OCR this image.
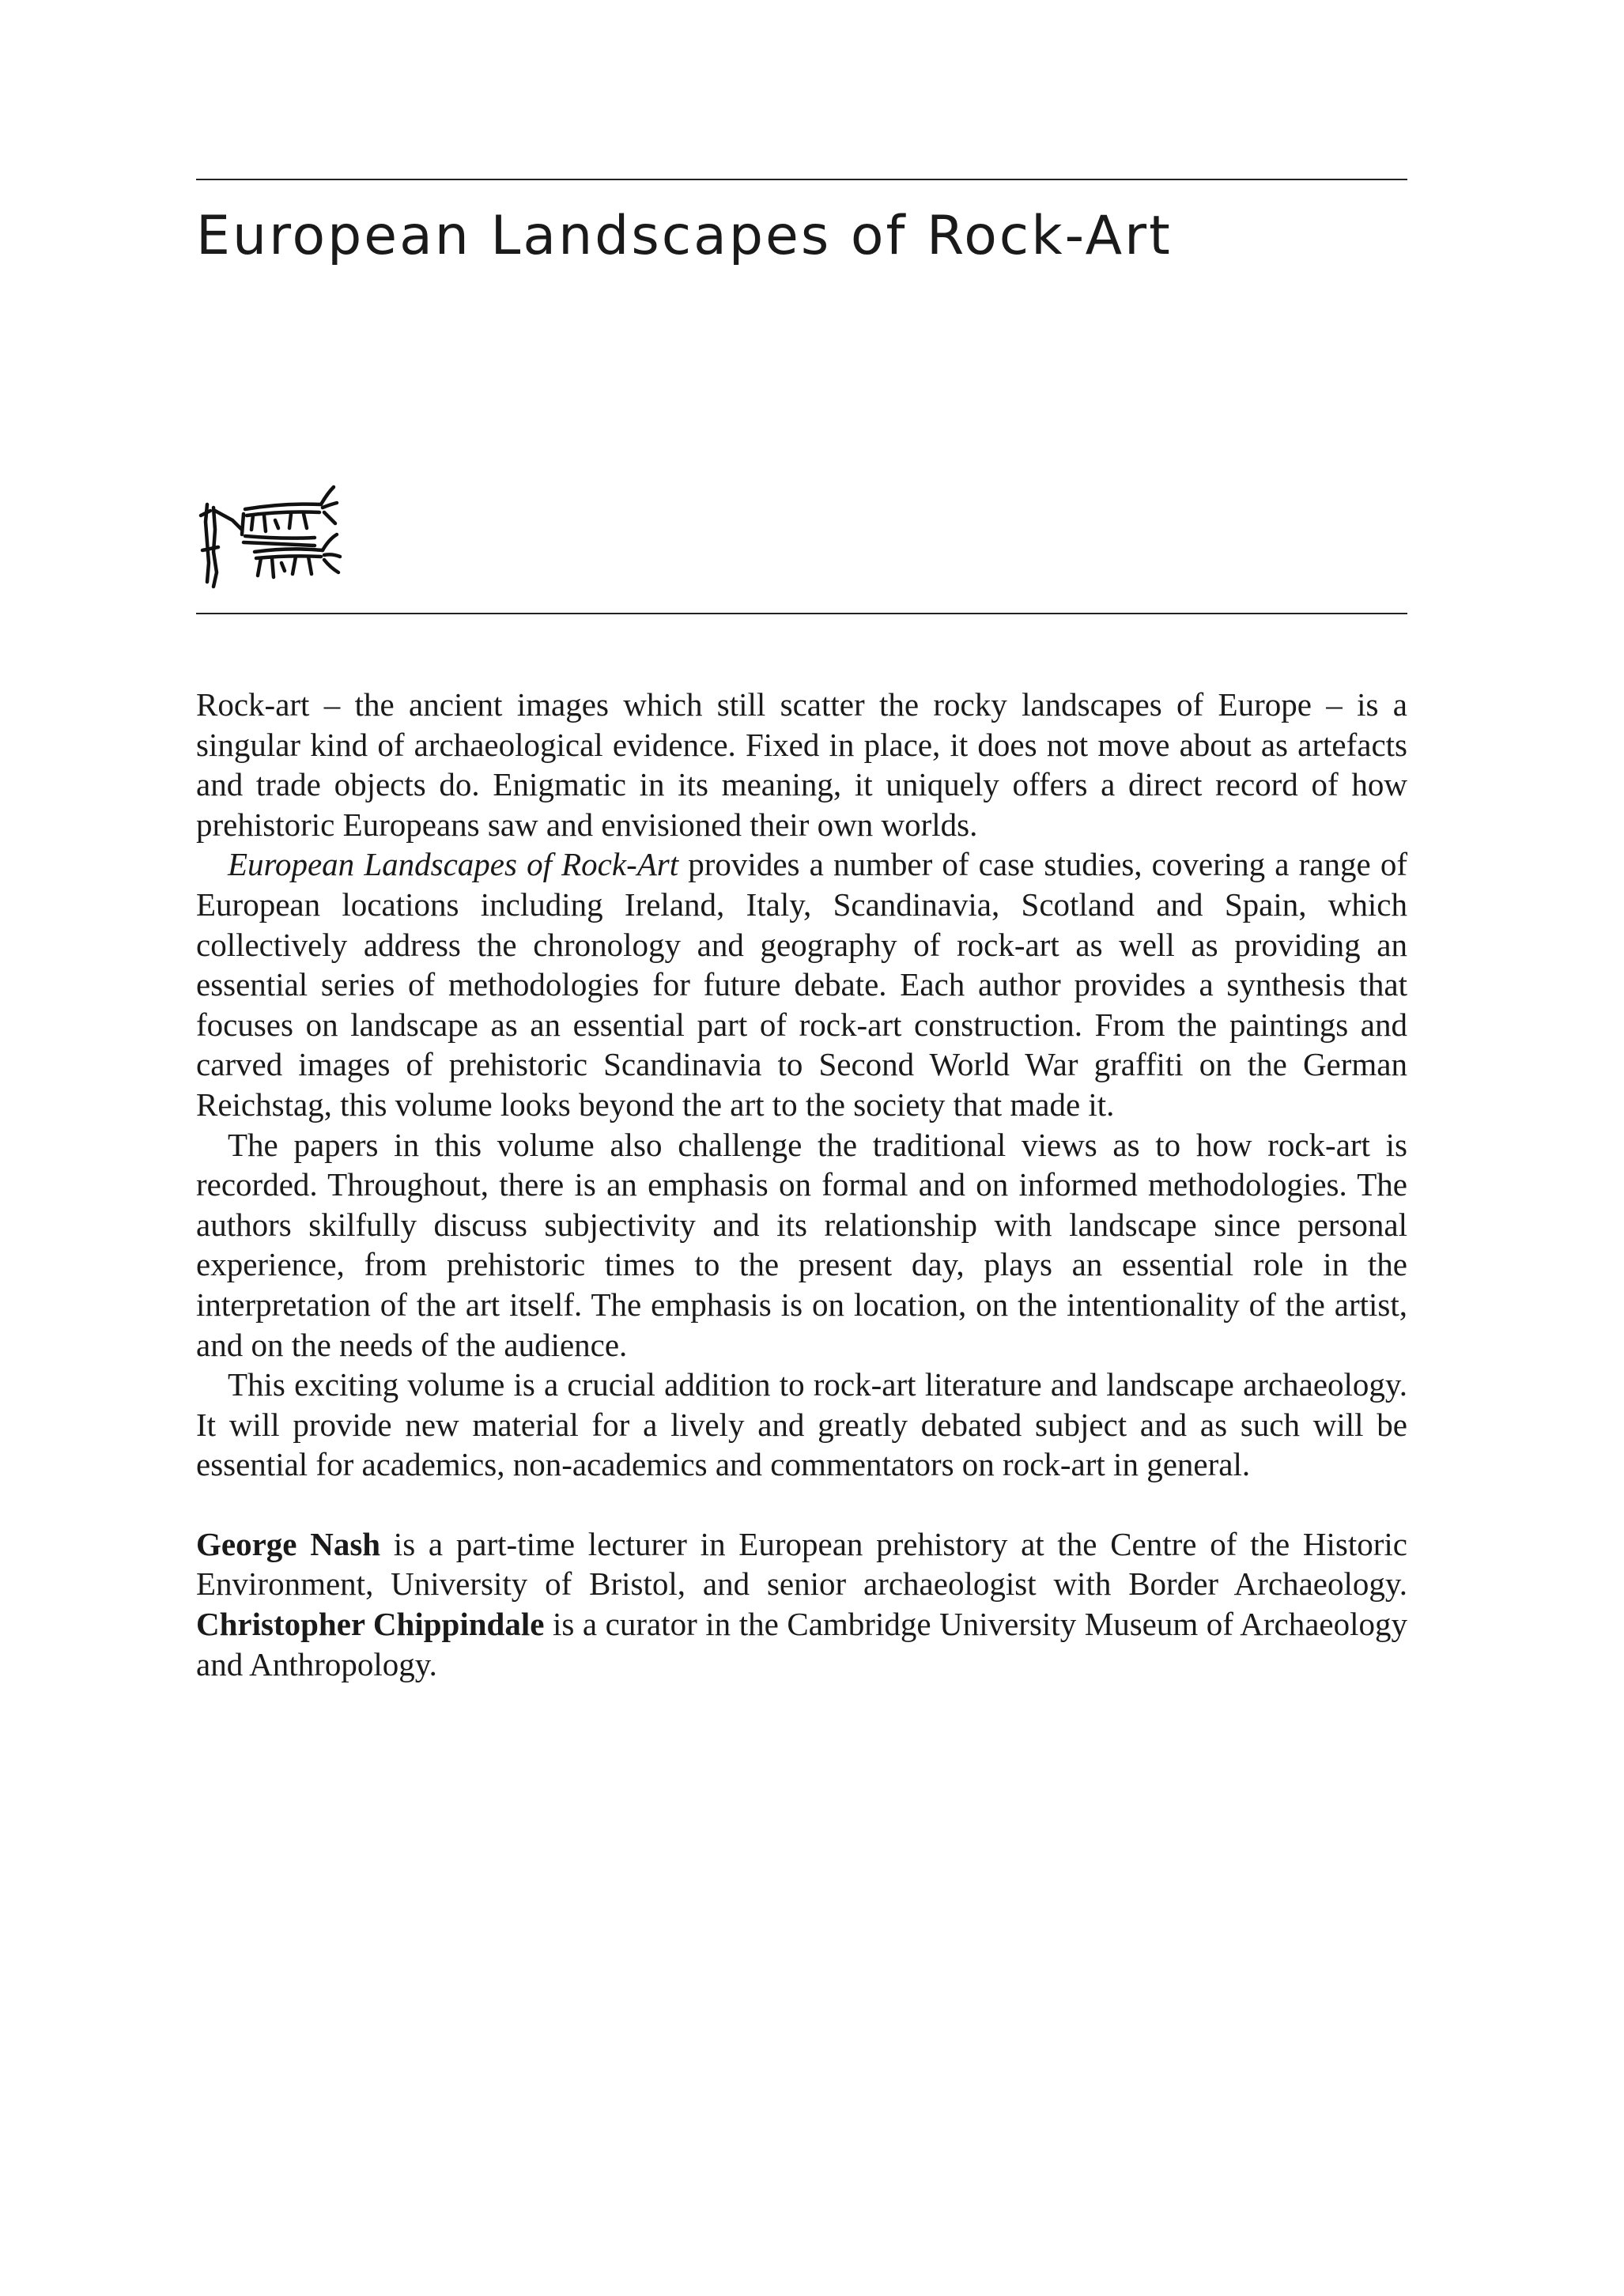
European Landscapes of Rock-Art

Rock-art – the ancient images which still scatter the rocky landscapes of Europe – is a singular kind of archaeological evidence. Fixed in place, it does not move about as artefacts and trade objects do. Enigmatic in its meaning, it uniquely offers a direct record of how prehistoric Europeans saw and envisioned their own worlds.

European Landscapes of Rock-Art provides a number of case studies, covering a range of European locations including Ireland, Italy, Scandinavia, Scotland and Spain, which collectively address the chronology and geography of rock-art as well as providing an essential series of methodologies for future debate. Each author provides a synthesis that focuses on landscape as an essential part of rock-art construction. From the paintings and carved images of prehistoric Scandinavia to Second World War graffiti on the German Reichstag, this volume looks beyond the art to the society that made it.

The papers in this volume also challenge the traditional views as to how rock-art is recorded. Throughout, there is an emphasis on formal and on informed methodologies. The authors skilfully discuss subjectivity and its relationship with landscape since personal experience, from prehistoric times to the present day, plays an essential role in the interpretation of the art itself. The emphasis is on location, on the intentionality of the artist, and on the needs of the audience.

This exciting volume is a crucial addition to rock-art literature and landscape archaeology. It will provide new material for a lively and greatly debated subject and as such will be essential for academics, non-academics and commentators on rock-art in general.

George Nash is a part-time lecturer in European prehistory at the Centre of the Historic Environment, University of Bristol, and senior archaeologist with Border Archaeology. Christopher Chippindale is a curator in the Cambridge University Museum of Archaeology and Anthropology.
